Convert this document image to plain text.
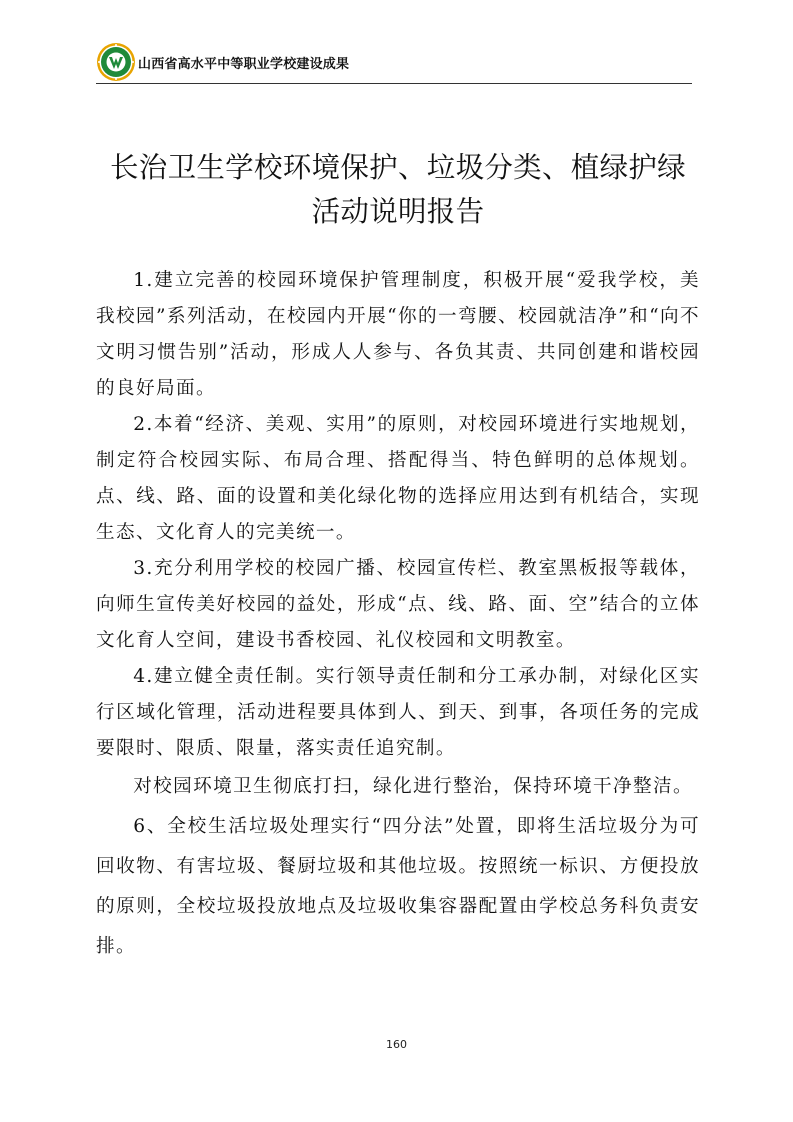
山西省高水平中等职业学校建设成果
长治卫生学校环境保护、垃圾分类、植绿护绿活动说明报告

1.建立完善的校园环境保护管理制度，积极开展“爱我学校，美我校园”系列活动，在校园内开展“你的一弯腰、校园就洁净”和“向不文明习惯告别”活动，形成人人参与、各负其责、共同创建和谐校园的良好局面。

2.本着“经济、美观、实用”的原则，对校园环境进行实地规划，制定符合校园实际、布局合理、搭配得当、特色鲜明的总体规划。点、线、路、面的设置和美化绿化物的选择应用达到有机结合，实现生态、文化育人的完美统一。

3.充分利用学校的校园广播、校园宣传栏、教室黑板报等载体，向师生宣传美好校园的益处，形成“点、线、路、面、空”结合的立体文化育人空间，建设书香校园、礼仪校园和文明教室。

4.建立健全责任制。实行领导责任制和分工承办制，对绿化区实行区域化管理，活动进程要具体到人、到天、到事，各项任务的完成要限时、限质、限量，落实责任追究制。

对校园环境卫生彻底打扫，绿化进行整治，保持环境干净整洁。

6、全校生活垃圾处理实行“四分法”处置，即将生活垃圾分为可回收物、有害垃圾、餐厨垃圾和其他垃圾。按照统一标识、方便投放的原则，全校垃圾投放地点及垃圾收集容器配置由学校总务科负责安排。

160
